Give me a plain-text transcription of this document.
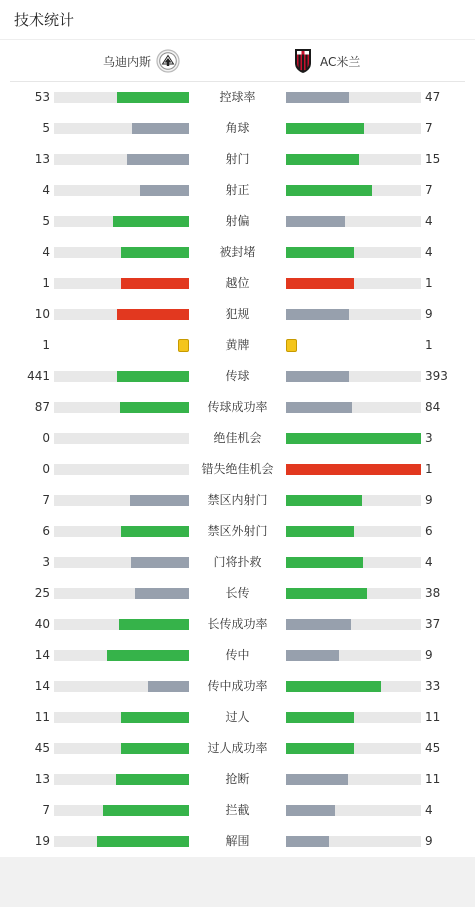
技术统计
乌迪内斯	AC米兰
53	控球率	47
5	角球	7
13	射门	15
4	射正	7
5	射偏	4
4	被封堵	4
1	越位	1
10	犯规	9
1	黄牌	1
441	传球	393
87	传球成功率	84
0	绝佳机会	3
0	错失绝佳机会	1
7	禁区内射门	9
6	禁区外射门	6
3	门将扑救	4
25	长传	38
40	长传成功率	37
14	传中	9
14	传中成功率	33
11	过人	11
45	过人成功率	45
13	抢断	11
7	拦截	4
19	解围	9
